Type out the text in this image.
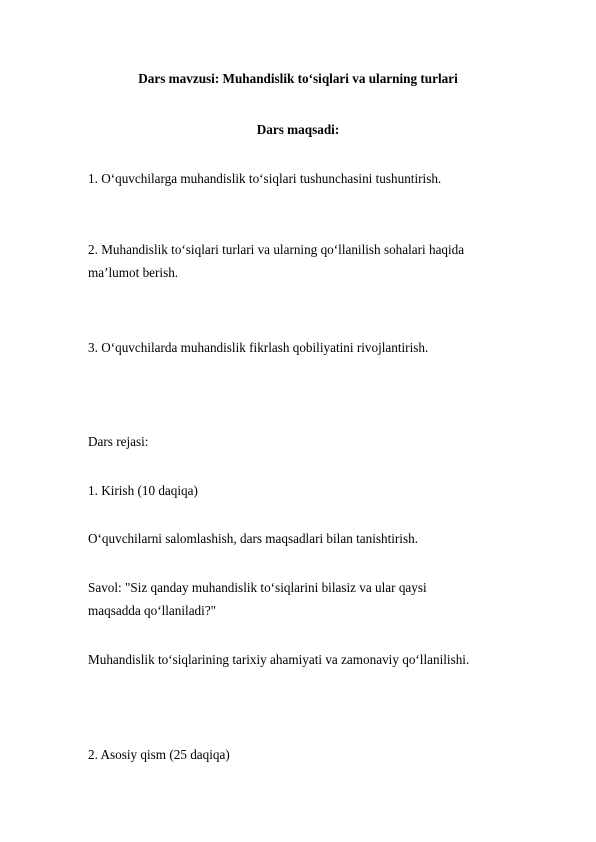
Dars mavzusi: Muhandislik to‘siqlari va ularning turlari

Dars maqsadi:

1. O‘quvchilarga muhandislik to‘siqlari tushunchasini tushuntirish.

2. Muhandislik to‘siqlari turlari va ularning qo‘llanilish sohalari haqida

ma’lumot berish.

3. O‘quvchilarda muhandislik fikrlash qobiliyatini rivojlantirish.

Dars rejasi:

1. Kirish (10 daqiqa)

O‘quvchilarni salomlashish, dars maqsadlari bilan tanishtirish.

Savol: "Siz qanday muhandislik to‘siqlarini bilasiz va ular qaysi

maqsadda qo‘llaniladi?"

Muhandislik to‘siqlarining tarixiy ahamiyati va zamonaviy qo‘llanilishi.

2. Asosiy qism (25 daqiqa)
